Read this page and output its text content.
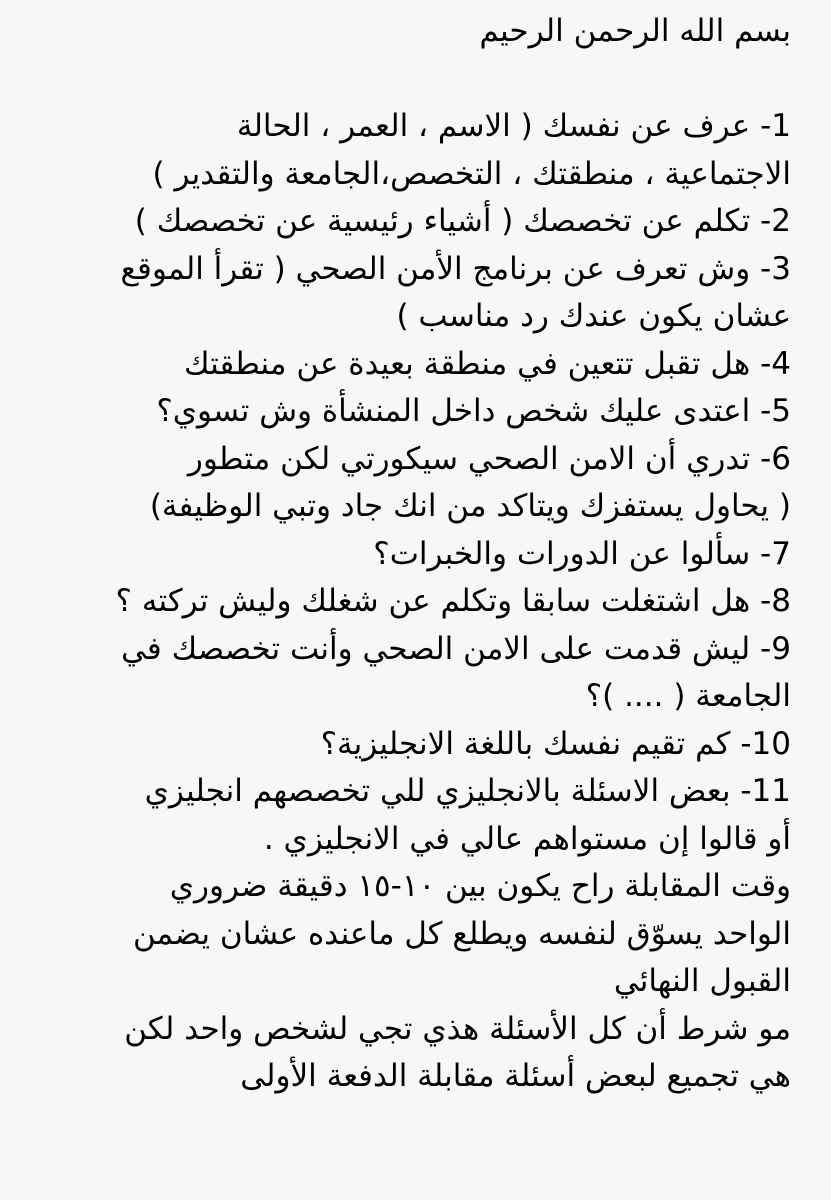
بسم الله الرحمن الرحيم
1- عرف عن نفسك ( الاسم ، العمر ، الحالة
الاجتماعية ، منطقتك ، التخصص،الجامعة والتقدير )
2- تكلم عن تخصصك ( أشياء رئيسية عن تخصصك )
3- وش تعرف عن برنامج الأمن الصحي ( تقرأ الموقع
عشان يكون عندك رد مناسب )
4- هل تقبل تتعين في منطقة بعيدة عن منطقتك
5- اعتدى عليك شخص داخل المنشأة وش تسوي؟
6- تدري أن الامن الصحي سيكورتي لكن متطور
( يحاول يستفزك ويتاكد من انك جاد وتبي الوظيفة)
7- سألوا عن الدورات والخبرات؟
8- هل اشتغلت سابقا وتكلم عن شغلك وليش تركته ؟
9- ليش قدمت على الامن الصحي وأنت تخصصك في
الجامعة ( .... )؟
10- كم تقيم نفسك باللغة الانجليزية؟
11- بعض الاسئلة بالانجليزي للي تخصصهم انجليزي
أو قالوا إن مستواهم عالي في الانجليزي .
وقت المقابلة راح يكون بين ١٠-١٥ دقيقة ضروري
الواحد يسوّق لنفسه ويطلع كل ماعنده عشان يضمن
القبول النهائي
مو شرط أن كل الأسئلة هذي تجي لشخص واحد لكن
هي تجميع لبعض أسئلة مقابلة الدفعة الأولى
